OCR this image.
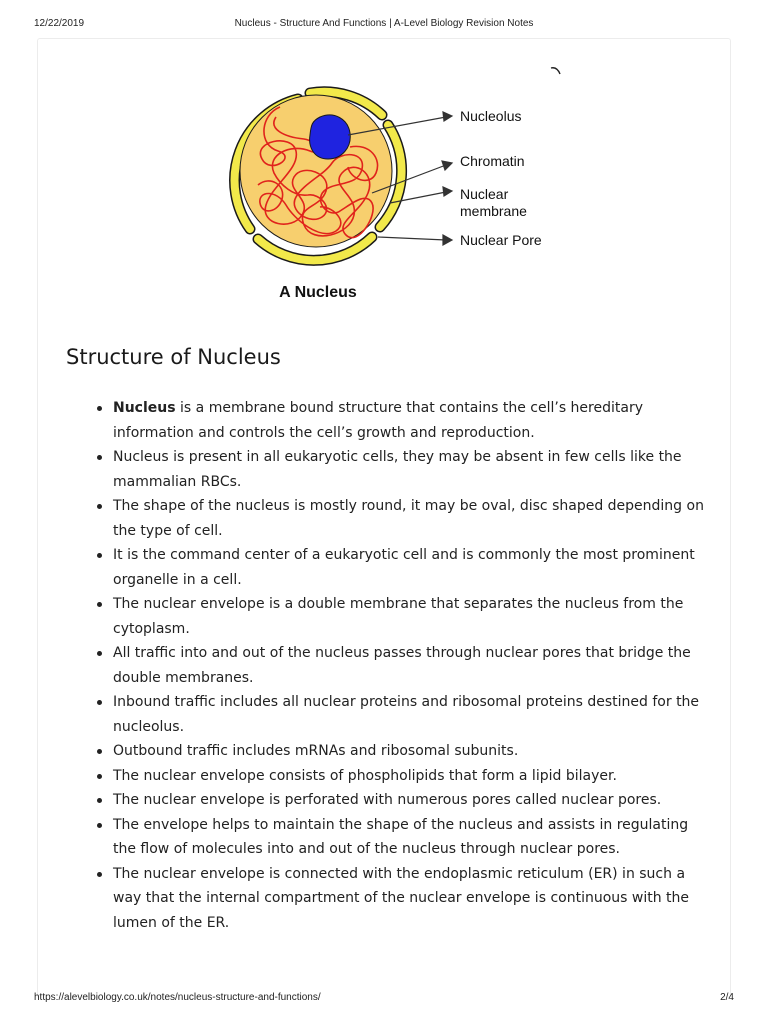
12/22/2019	Nucleus - Structure And Functions | A-Level Biology Revision Notes
Nucleolus
Chromatin
Nuclear
membrane
Nuclear Pore
A Nucleus
Structure of Nucleus
Nucleus is a membrane bound structure that contains the cell’s hereditary information and controls the cell’s growth and reproduction.
Nucleus is present in all eukaryotic cells, they may be absent in few cells like the mammalian RBCs.
The shape of the nucleus is mostly round, it may be oval, disc shaped depending on the type of cell.
It is the command center of a eukaryotic cell and is commonly the most prominent organelle in a cell.
The nuclear envelope is a double membrane that separates the nucleus from the cytoplasm.
All traffic into and out of the nucleus passes through nuclear pores that bridge the double membranes.
Inbound traffic includes all nuclear proteins and ribosomal proteins destined for the nucleolus.
Outbound traffic includes mRNAs and ribosomal subunits.
The nuclear envelope consists of phospholipids that form a lipid bilayer.
The nuclear envelope is perforated with numerous pores called nuclear pores.
The envelope helps to maintain the shape of the nucleus and assists in regulating the flow of molecules into and out of the nucleus through nuclear pores.
The nuclear envelope is connected with the endoplasmic reticulum (ER) in such a way that the internal compartment of the nuclear envelope is continuous with the lumen of the ER.
https://alevelbiology.co.uk/notes/nucleus-structure-and-functions/	2/4
